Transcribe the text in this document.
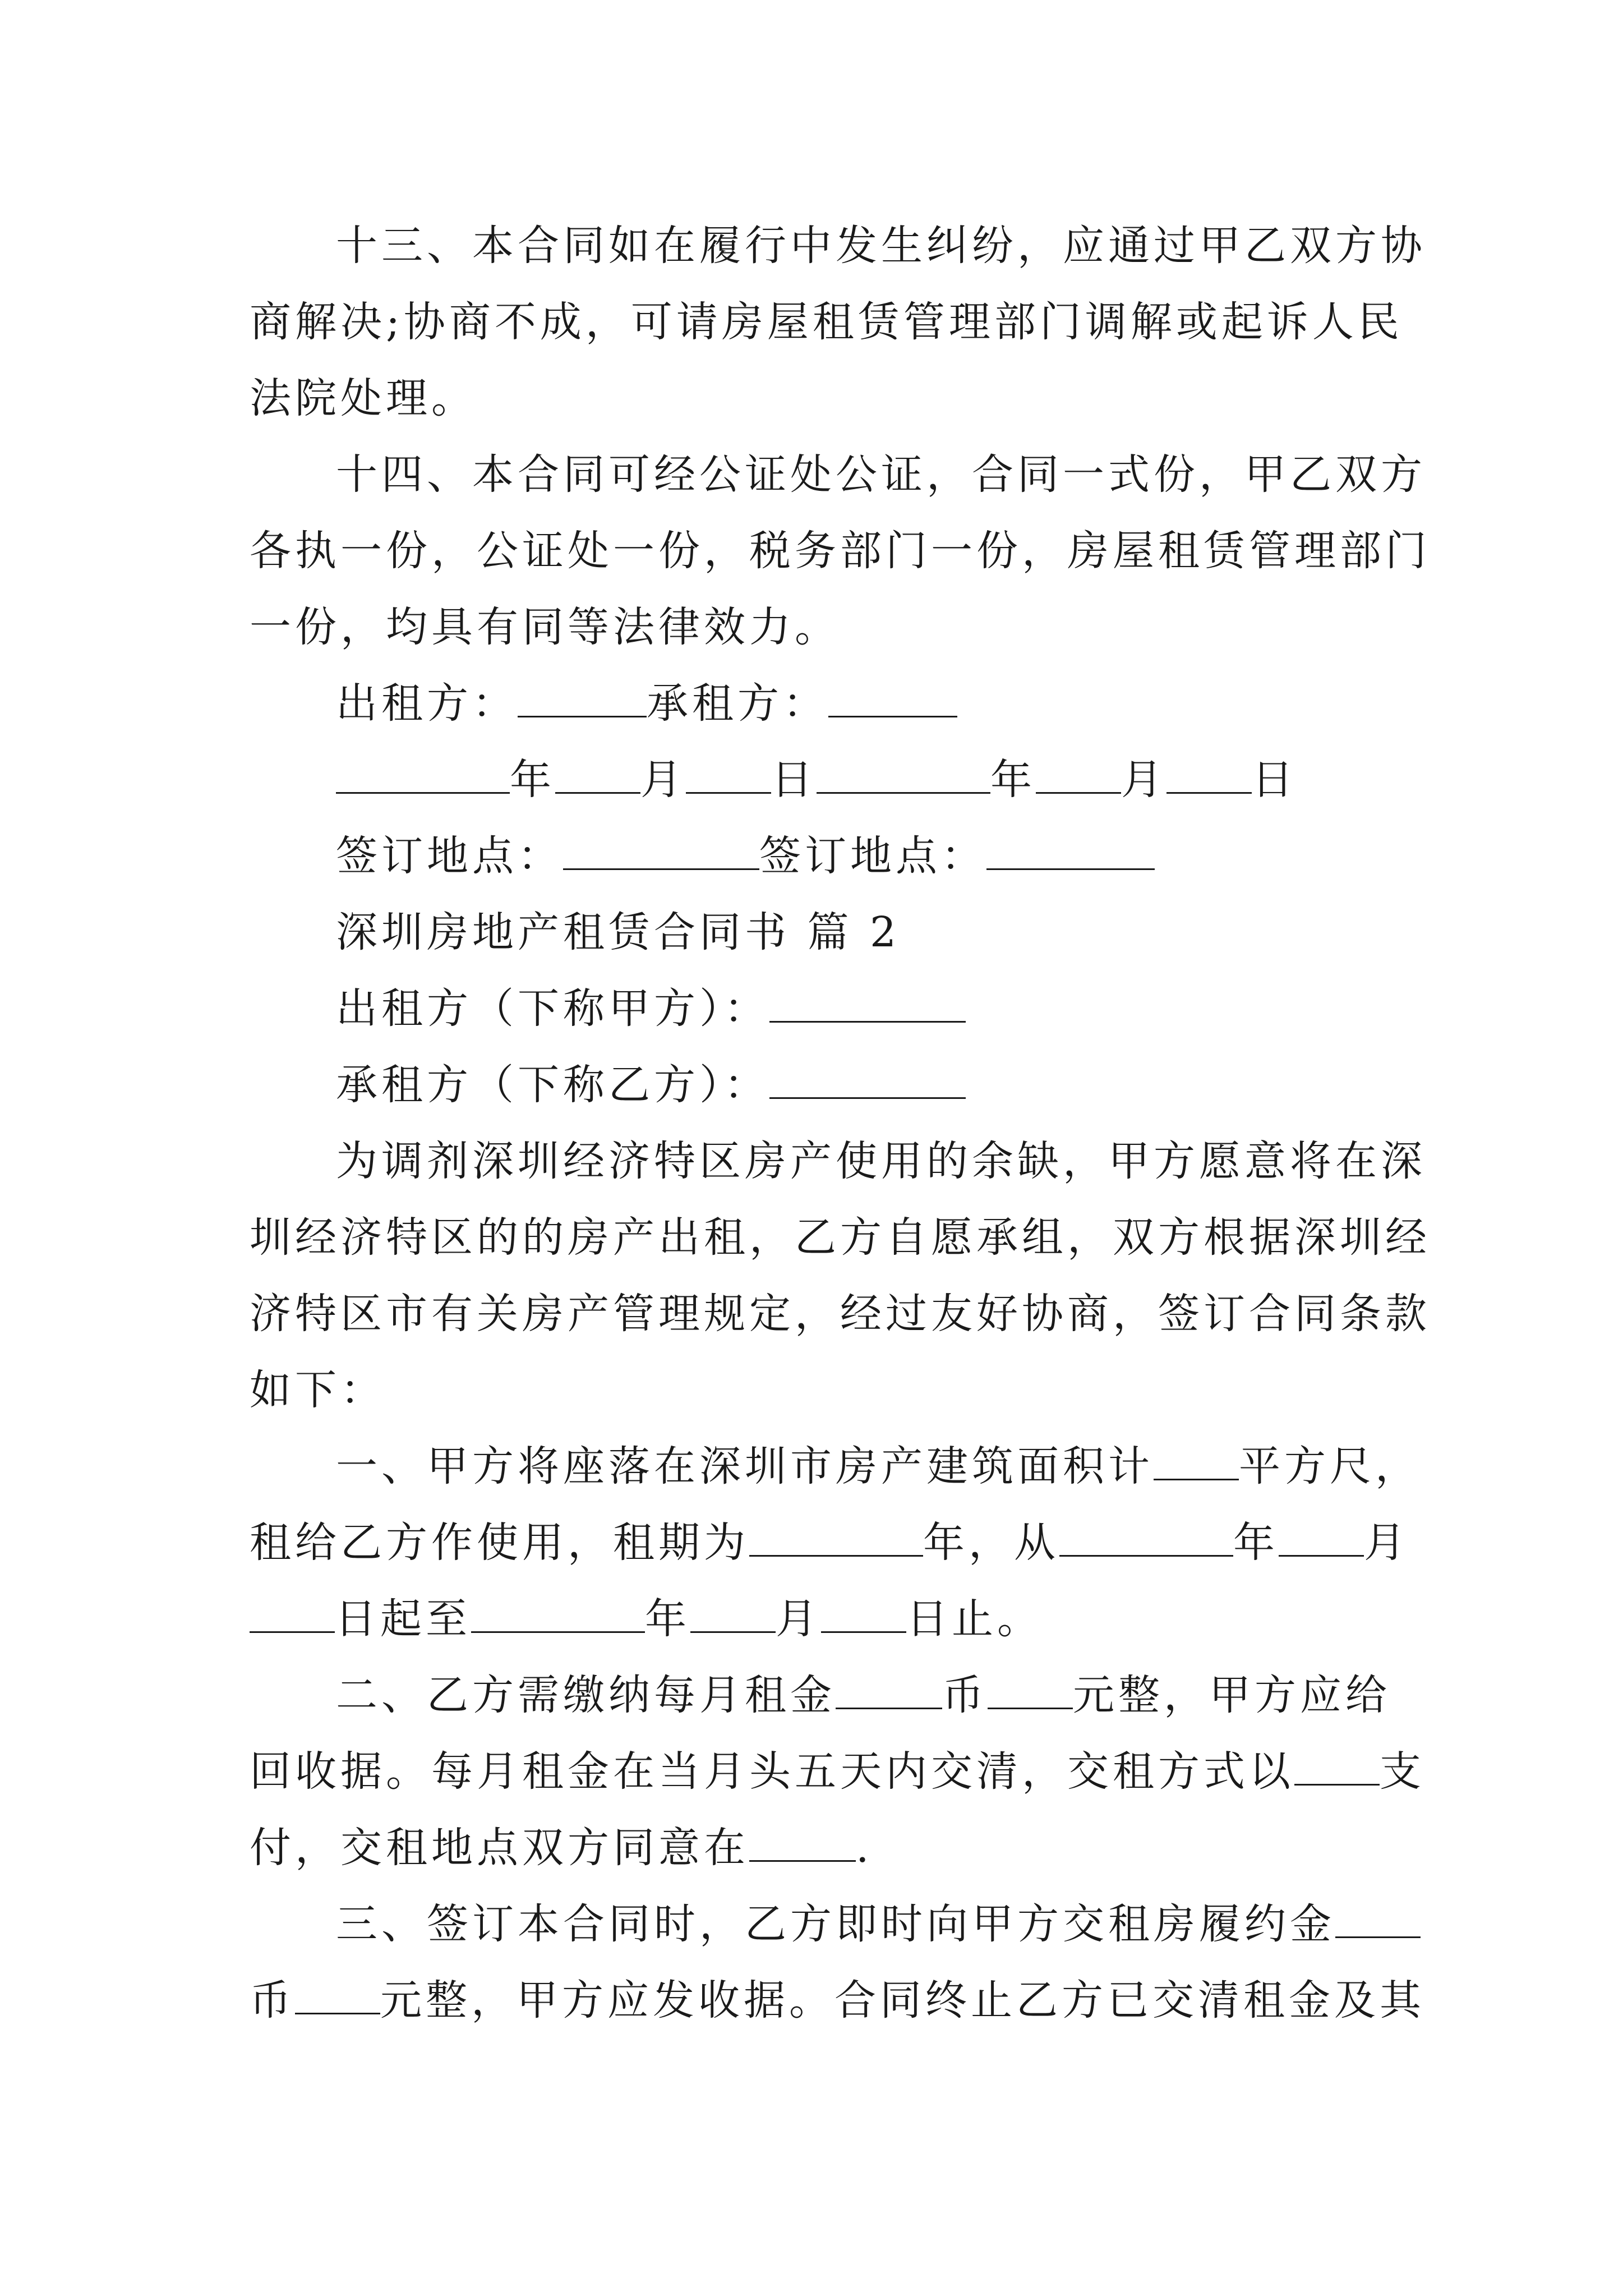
十三、本合同如在履行中发生纠纷，应通过甲乙双方协
商解决;协商不成，可请房屋租赁管理部门调解或起诉人民
法院处理。

十四、本合同可经公证处公证，合同一式份，甲乙双方
各执一份，公证处一份，税务部门一份，房屋租赁管理部门
一份，均具有同等法律效力。

出租方：	承租方：

年 月 日	年 月 日

签订地点：	签订地点：

深圳房地产租赁合同书 篇 2

出租方（下称甲方）：

承租方（下称乙方）：

为调剂深圳经济特区房产使用的余缺，甲方愿意将在深
圳经济特区的的房产出租，乙方自愿承组，双方根据深圳经
济特区市有关房产管理规定，经过友好协商，签订合同条款
如下：

一、甲方将座落在深圳市房产建筑面积计 平方尺，
租给乙方作使用，租期为	年，从	年 月
日起至	年 月 日止。

二、乙方需缴纳每月租金	币 元整，甲方应给
回收据。每月租金在当月头五天内交清，交租方式以 支
付，交租地点双方同意在	.

三、签订本合同时，乙方即时向甲方交租房履约金
币 元整，甲方应发收据。合同终止乙方已交清租金及其
